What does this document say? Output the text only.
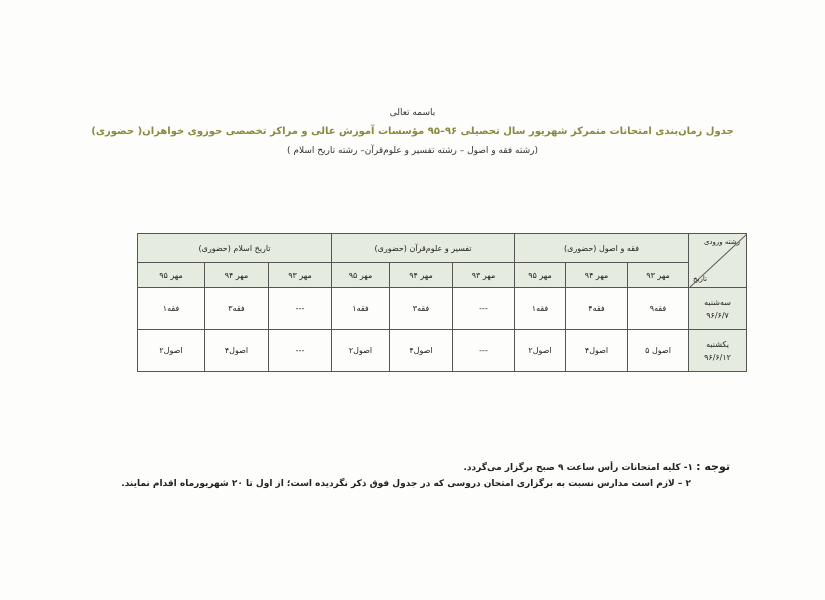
باسمه تعالی
جدول زمان‌بندی امتحانات متمرکز شهریور سال تحصیلی ۹۶–۹۵ مؤسسات آموزش عالی و مراکز تخصصی حوزوی خواهران( حضوری)
(رشته فقه و اصول – رشته تفسیر و علوم‌قرآن– رشته تاریخ اسلام )
رشته ورودی
تاریخ	فقه و اصول (حضوری)			تفسیر و علوم‌قرآن (حضوری)			تاریخ اسلام (حضوری)		
	مهر ۹۳	مهر ۹۴	مهر ۹۵	مهر ۹۳	مهر ۹۴	مهر ۹۵	مهر ۹۳	مهر ۹۴	مهر ۹۵

سه‌شنبه
۹۶/۶/۷	فقه۹	فقه۴	فقه۱	---	فقه۳	فقه۱	---	فقه۳	فقه۱

یکشنبه
۹۶/۶/۱۲	اصول ۵	اصول۴	اصول۲	---	اصول۴	اصول۲	---	اصول۴	اصول۲
توجه : ۱- کلیه امتحانات رأس ساعت ۹ صبح برگزار می‌گردد.
۲ – لازم است مدارس نسبت به برگزاری امتحان دروسی که در جدول فوق ذکر نگردیده است؛ از اول تا ۲۰ شهریورماه اقدام نمایند.
